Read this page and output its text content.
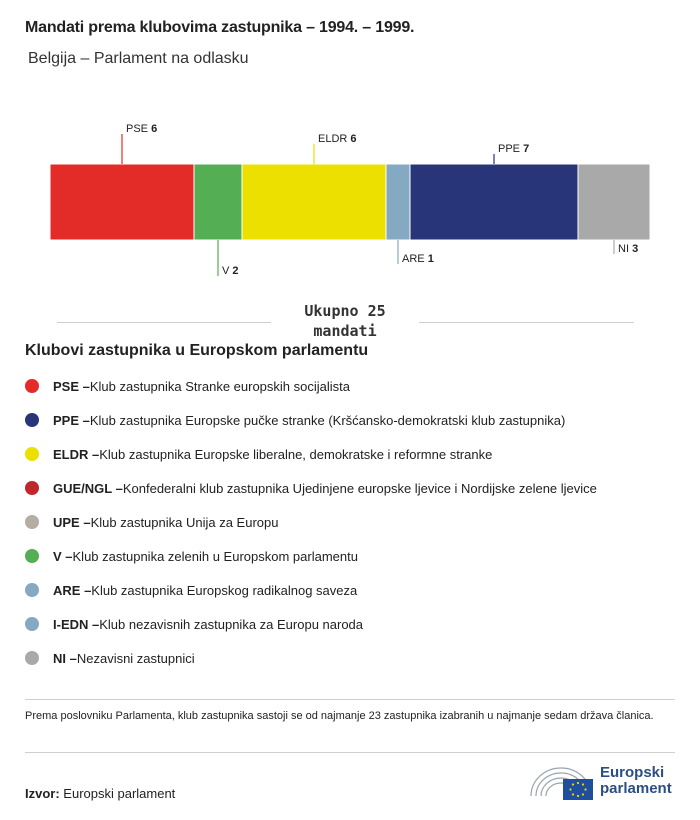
Mandati prema klubovima zastupnika – 1994. – 1999.
Belgija – Parlament na odlasku
PSE 6
V 2
ELDR 6
ARE 1
PPE 7
NI 3
Ukupno 25
mandati
Klubovi zastupnika u Europskom parlamentu
PSE – Klub zastupnika Stranke europskih socijalista
PPE – Klub zastupnika Europske pučke stranke (Kršćansko-demokratski klub zastupnika)
ELDR – Klub zastupnika Europske liberalne, demokratske i reformne stranke
GUE/NGL – Konfederalni klub zastupnika Ujedinjene europske ljevice i Nordijske zelene ljevice
UPE – Klub zastupnika Unija za Europu
V – Klub zastupnika zelenih u Europskom parlamentu
ARE – Klub zastupnika Europskog radikalnog saveza
I-EDN – Klub nezavisnih zastupnika za Europu naroda
NI – Nezavisni zastupnici
Prema poslovniku Parlamenta, klub zastupnika sastoji se od najmanje 23 zastupnika izabranih u najmanje sedam država članica.
Izvor: Europski parlament
Europski
parlament
